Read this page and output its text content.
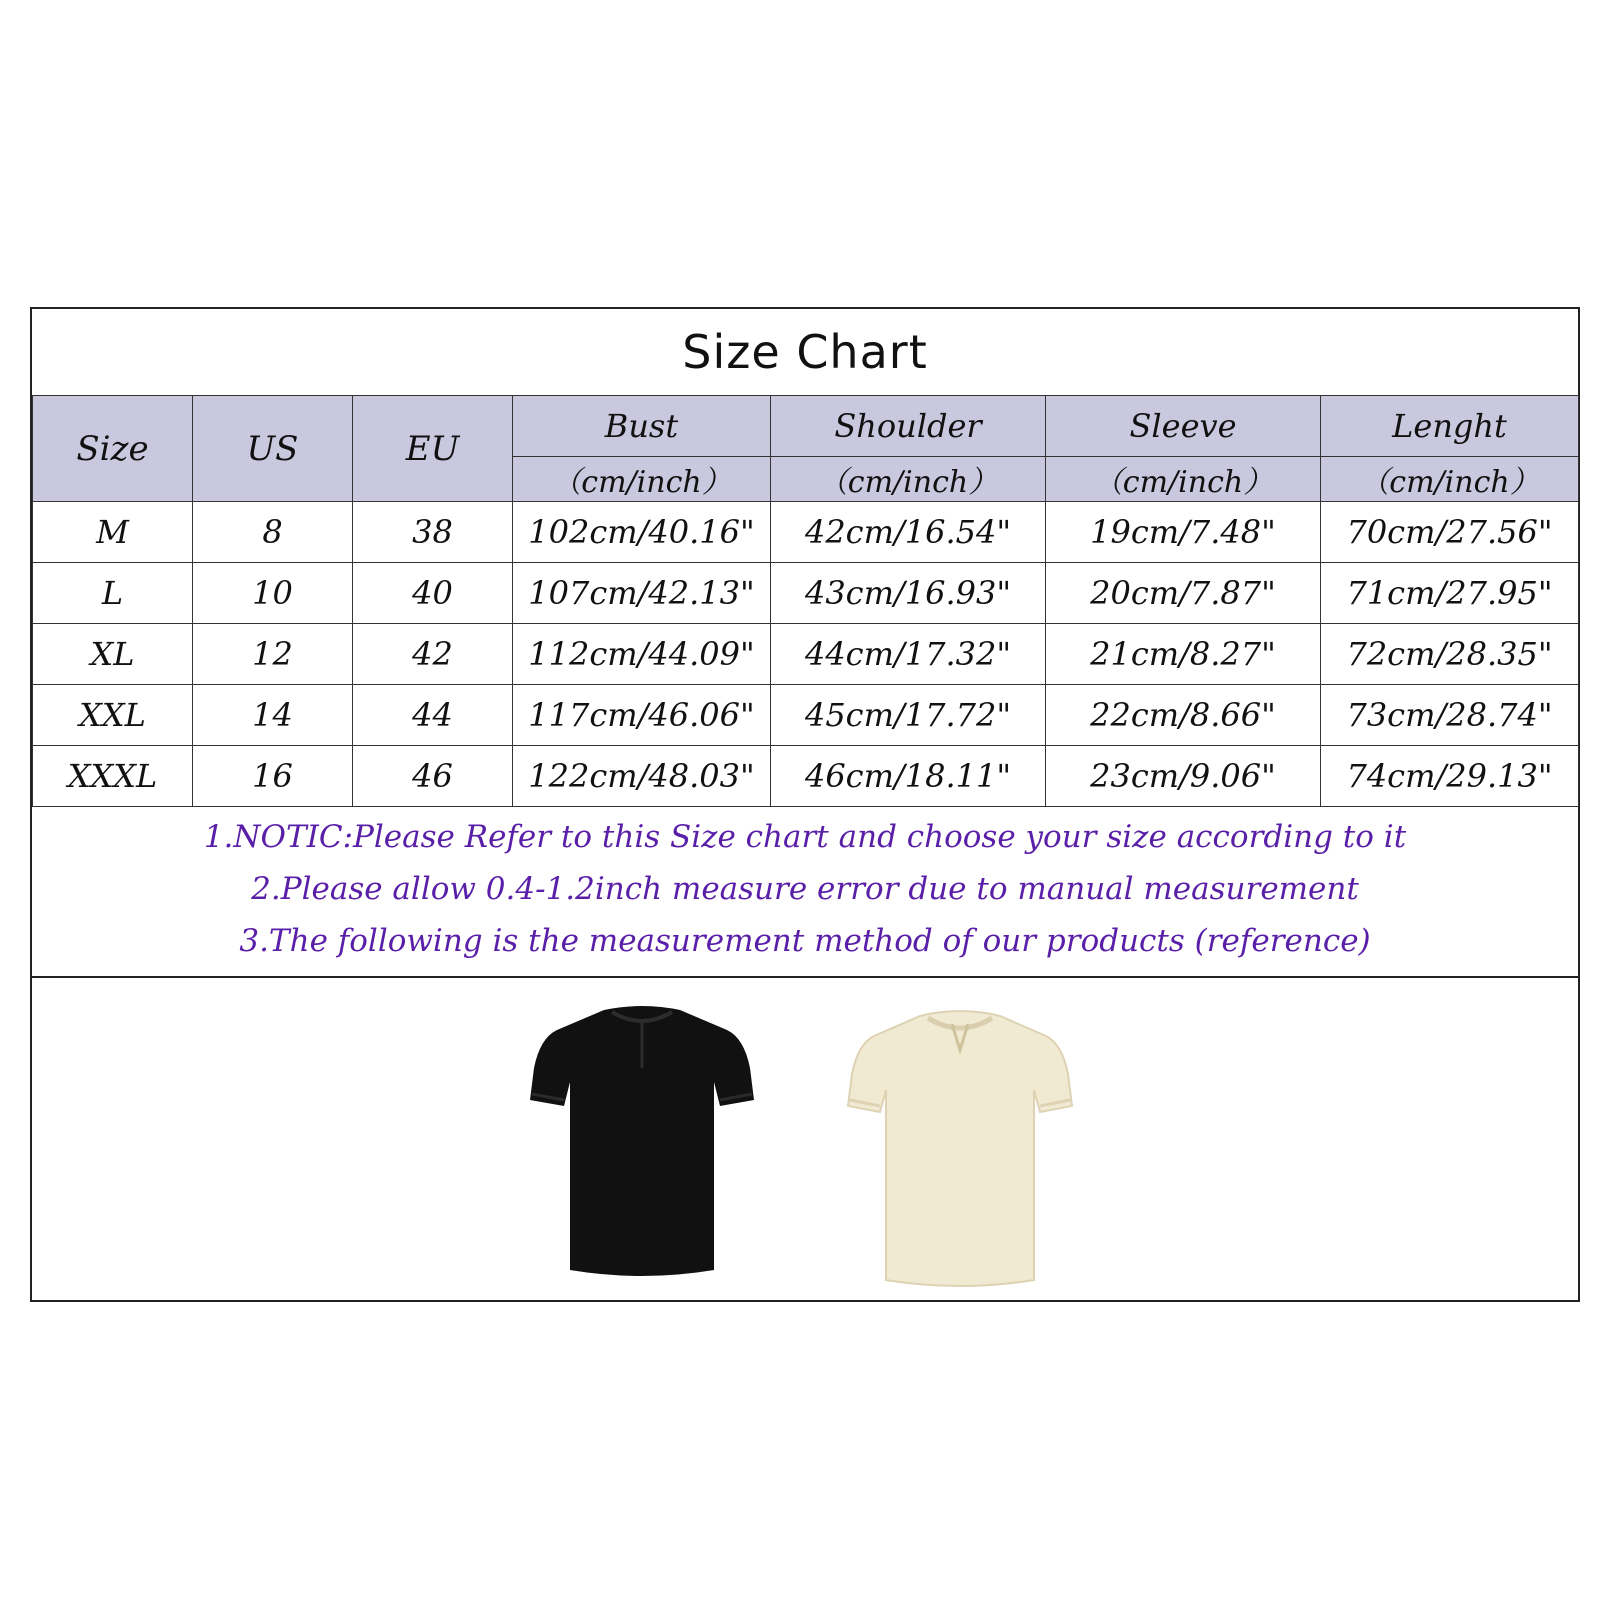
Size Chart
Size	US	EU	Bust	Shoulder	Sleeve	Lenght
			（cm/inch）	（cm/inch）	（cm/inch）	（cm/inch）
M	8	38	102cm/40.16"	42cm/16.54"	19cm/7.48"	70cm/27.56"
L	10	40	107cm/42.13"	43cm/16.93"	20cm/7.87"	71cm/27.95"
XL	12	42	112cm/44.09"	44cm/17.32"	21cm/8.27"	72cm/28.35"
XXL	14	44	117cm/46.06"	45cm/17.72"	22cm/8.66"	73cm/28.74"
XXXL	16	46	122cm/48.03"	46cm/18.11"	23cm/9.06"	74cm/29.13"
1.NOTIC:Please Refer to this Size chart and choose your size according to it
2.Please allow 0.4-1.2inch measure error due to manual measurement
3.The following is the measurement method of our products (reference)
